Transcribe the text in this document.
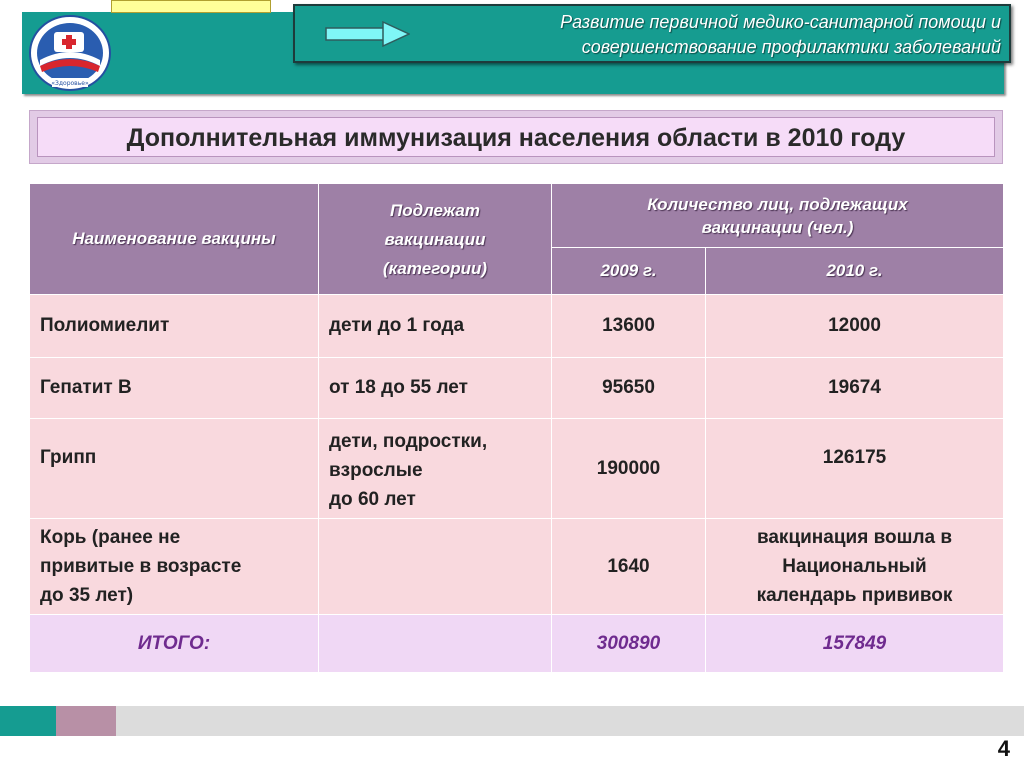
«Здоровье»
Развитие первичной медико-санитарной помощи и
совершенствование профилактики заболеваний
Дополнительная иммунизация населения области в 2010 году
Наименование вакцины	Подлежат
вакцинации
(категории)	Количество лиц, подлежащих
вакцинации (чел.)	

		2009 г.	2010 г.
Полиомиелит	дети до 1 года	13600	12000
Гепатит В	от 18 до 55 лет	95650	19674
Грипп	дети, подростки,
взрослые
до 60 лет	190000	126175

Корь (ранее не
привитые в возрасте
до 35 лет)		1640	вакцинация вошла в
Национальный
календарь прививок

ИТОГО:		300890	157849
4
